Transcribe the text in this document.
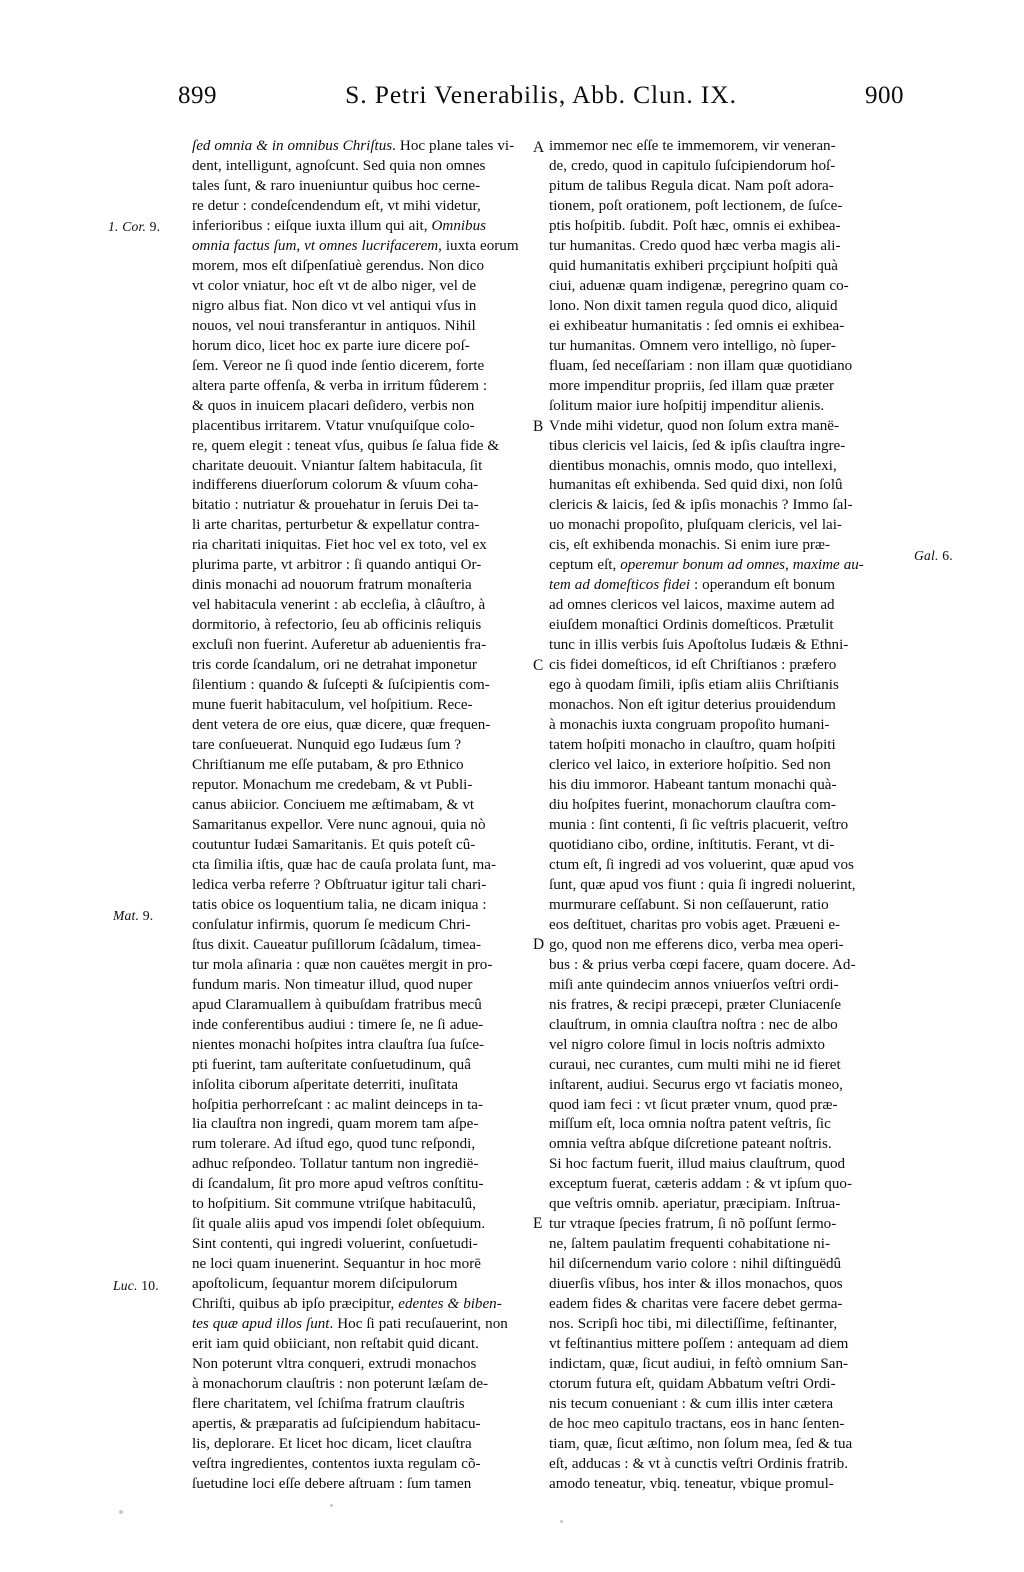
899	S. Petri Venerabilis, Abb. Clun. IX.	900
1. Cor. 9.
Mat. 9.
Luc. 10.
Gal. 6.
A
B
C
D
E
ſed omnia & in omnibus Chriſtus. Hoc plane tales vi-
dent, intelligunt, agnoſcunt. Sed quia non omnes
tales ſunt, & raro inueniuntur quibus hoc cerne-
re detur : condeſcendendum eſt, vt mihi videtur,
inferioribus : eiſque iuxta illum qui ait, Omnibus
omnia factus ſum, vt omnes lucrifacerem, iuxta eorum
morem, mos eſt diſpenſatiuè gerendus. Non dico
vt color vniatur, hoc eſt vt de albo niger, vel de
nigro albus fiat. Non dico vt vel antiqui vſus in
nouos, vel noui transferantur in antiquos. Nihil
horum dico, licet hoc ex parte iure dicere poſ-
ſem. Vereor ne ſi quod inde ſentio dicerem, forte
altera parte offenſa, & verba in irritum fûderem :
& quos in inuicem placari deſidero, verbis non
placentibus irritarem. Vtatur vnuſquiſque colo-
re, quem elegit : teneat vſus, quibus ſe ſalua fide &
charitate deuouit. Vniantur ſaltem habitacula, ſit
indifferens diuerſorum colorum & vſuum coha-
bitatio : nutriatur & prouehatur in ſeruis Dei ta-
li arte charitas, perturbetur & expellatur contra-
ria charitati iniquitas. Fiet hoc vel ex toto, vel ex
plurima parte, vt arbitror : ſi quando antiqui Or-
dinis monachi ad nouorum fratrum monaſteria
vel habitacula venerint : ab eccleſia, à clâuſtro, à
dormitorio, à refectorio, ſeu ab officinis reliquis
excluſi non fuerint. Auferetur ab aduenientis fra-
tris corde ſcandalum, ori ne detrahat imponetur
ſilentium : quando & ſuſcepti & ſuſcipientis com-
mune fuerit habitaculum, vel hoſpitium. Rece-
dent vetera de ore eius, quæ dicere, quæ frequen-
tare conſueuerat. Nunquid ego Iudæus ſum ?
Chriſtianum me eſſe putabam, & pro Ethnico
reputor. Monachum me credebam, & vt Publi-
canus abiicior. Conciuem me æſtimabam, & vt
Samaritanus expellor. Vere nunc agnoui, quia nò
coutuntur Iudæi Samaritanis. Et quis poteſt cû-
cta ſimilia iſtis, quæ hac de cauſa prolata ſunt, ma-
ledica verba referre ? Obſtruatur igitur tali chari-
tatis obice os loquentium talia, ne dicam iniqua :
conſulatur infirmis, quorum ſe medicum Chri-
ſtus dixit. Caueatur puſillorum ſcãdalum, timea-
tur mola aſinaria : quæ non cauëtes mergit in pro-
fundum maris. Non timeatur illud, quod nuper
apud Claramuallem à quibuſdam fratribus mecû
inde conferentibus audiui : timere ſe, ne ſi adue-
nientes monachi hoſpites intra clauſtra ſua ſuſce-
pti fuerint, tam auſteritate conſuetudinum, quâ
inſolita ciborum aſperitate deterriti, inuſitata
hoſpitia perhorreſcant : ac malint deinceps in ta-
lia clauſtra non ingredi, quam morem tam aſpe-
rum tolerare. Ad iſtud ego, quod tunc reſpondi,
adhuc reſpondeo. Tollatur tantum non ingredië-
di ſcandalum, ſit pro more apud veſtros conſtitu-
to hoſpitium. Sit commune vtriſque habitaculû,
ſit quale aliis apud vos impendi ſolet obſequium.
Sint contenti, qui ingredi voluerint, conſuetudi-
ne loci quam inuenerint. Sequantur in hoc morē
apoſtolicum, ſequantur morem diſcipulorum
Chriſti, quibus ab ipſo præcipitur, edentes & biben-
tes quæ apud illos ſunt. Hoc ſi pati recuſauerint, non
erit iam quid obiiciant, non reſtabit quid dicant.
Non poterunt vltra conqueri, extrudi monachos
à monachorum clauſtris : non poterunt læſam de-
flere charitatem, vel ſchiſma fratrum clauſtris
apertis, & præparatis ad ſuſcipiendum habitacu-
lis, deplorare. Et licet hoc dicam, licet clauſtra
veſtra ingredientes, contentos iuxta regulam cõ-
ſuetudine loci eſſe debere aſtruam : ſum tamen
immemor nec eſſe te immemorem, vir veneran-
de, credo, quod in capitulo ſuſcipiendorum hoſ-
pitum de talibus Regula dicat. Nam poſt adora-
tionem, poſt orationem, poſt lectionem, de ſuſce-
ptis hoſpitib. ſubdit. Poſt hæc, omnis ei exhibea-
tur humanitas. Credo quod hæc verba magis ali-
quid humanitatis exhiberi prçcipiunt hoſpiti quà
ciui, aduenæ quam indigenæ, peregrino quam co-
lono. Non dixit tamen regula quod dico, aliquid
ei exhibeatur humanitatis : ſed omnis ei exhibea-
tur humanitas. Omnem vero intelligo, nò ſuper-
fluam, ſed neceſſariam : non illam quæ quotidiano
more impenditur propriis, ſed illam quæ præter
ſolitum maior iure hoſpitij impenditur alienis.
Vnde mihi videtur, quod non ſolum extra manë-
tibus clericis vel laicis, ſed & ipſis clauſtra ingre-
dientibus monachis, omnis modo, quo intellexi,
humanitas eſt exhibenda. Sed quid dixi, non ſolû
clericis & laicis, ſed & ipſis monachis ? Immo ſal-
uo monachi propoſito, pluſquam clericis, vel lai-
cis, eſt exhibenda monachis. Si enim iure præ-
ceptum eſt, operemur bonum ad omnes, maxime au-
tem ad domeſticos fidei : operandum eſt bonum
ad omnes clericos vel laicos, maxime autem ad
eiuſdem monaſtici Ordinis domeſticos. Prætulit
tunc in illis verbis ſuis Apoſtolus Iudæis & Ethni-
cis fidei domeſticos, id eſt Chriſtianos : præfero
ego à quodam ſimili, ipſis etiam aliis Chriſtianis
monachos. Non eſt igitur deterius prouidendum
à monachis iuxta congruam propoſito humani-
tatem hoſpiti monacho in clauſtro, quam hoſpiti
clerico vel laico, in exteriore hoſpitio. Sed non
his diu immoror. Habeant tantum monachi quà-
diu hoſpites fuerint, monachorum clauſtra com-
munia : ſint contenti, ſi ſic veſtris placuerit, veſtro
quotidiano cibo, ordine, inſtitutis. Ferant, vt di-
ctum eſt, ſi ingredi ad vos voluerint, quæ apud vos
ſunt, quæ apud vos fiunt : quia ſi ingredi noluerint,
murmurare ceſſabunt. Si non ceſſauerunt, ratio
eos deſtituet, charitas pro vobis aget. Præueni e-
go, quod non me efferens dico, verba mea operi-
bus : & prius verba cœpi facere, quam docere. Ad-
miſi ante quindecim annos vniuerſos veſtri ordi-
nis fratres, & recipi præcepi, præter Cluniacenſe
clauſtrum, in omnia clauſtra noſtra : nec de albo
vel nigro colore ſimul in locis noſtris admixto
curaui, nec curantes, cum multi mihi ne id fieret
inſtarent, audiui. Securus ergo vt faciatis moneo,
quod iam feci : vt ſicut præter vnum, quod præ-
miſſum eſt, loca omnia noſtra patent veſtris, ſic
omnia veſtra abſque diſcretione pateant noſtris.
Si hoc factum fuerit, illud maius clauſtrum, quod
exceptum fuerat, cæteris addam : & vt ipſum quo-
que veſtris omnib. aperiatur, præcipiam. Inſtrua-
tur vtraque ſpecies fratrum, ſi nõ poſſunt ſermo-
ne, ſaltem paulatim frequenti cohabitatione ni-
hil diſcernendum vario colore : nihil diſtinguëdû
diuerſis vſibus, hos inter & illos monachos, quos
eadem fides & charitas vere facere debet germa-
nos. Scripſi hoc tibi, mi dilectiſſime, feſtinanter,
vt feſtinantius mittere poſſem : antequam ad diem
indictam, quæ, ſicut audiui, in feſtò omnium San-
ctorum futura eſt, quidam Abbatum veſtri Ordi-
nis tecum conueniant : & cum illis inter cætera
de hoc meo capitulo tractans, eos in hanc ſenten-
tiam, quæ, ſicut æſtimo, non ſolum mea, ſed & tua
eſt, adducas : & vt à cunctis veſtri Ordinis fratrib.
amodo teneatur, vbiq. teneatur, vbique promul-
